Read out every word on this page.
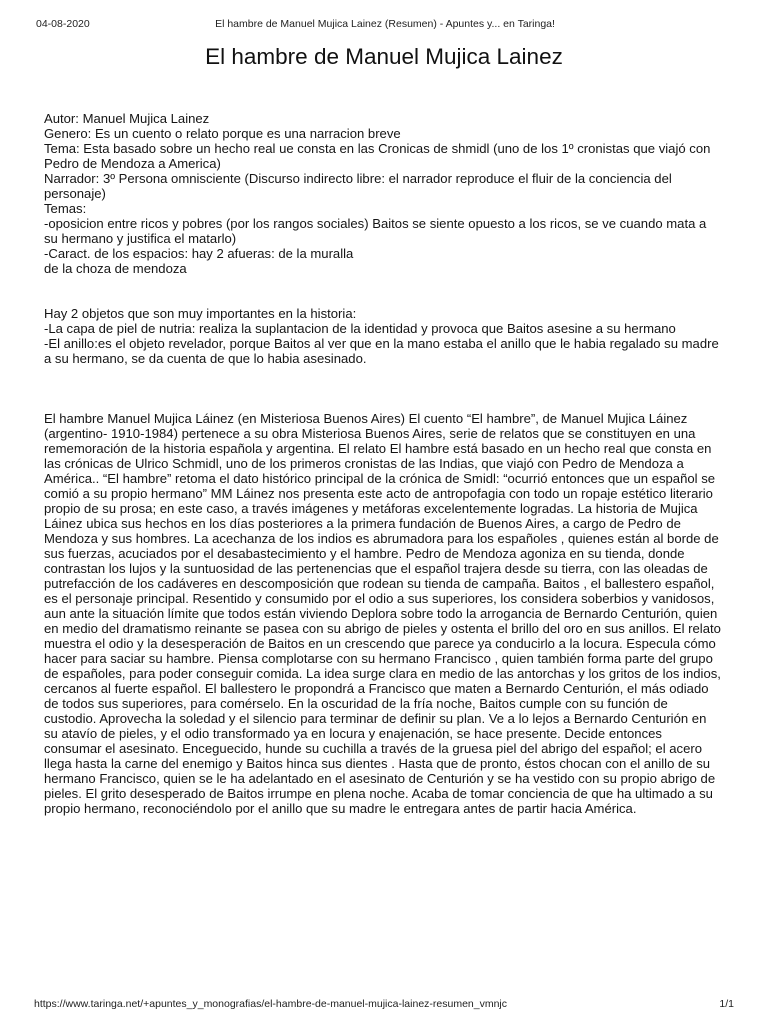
04-08-2020	El hambre de Manuel Mujica Lainez (Resumen) - Apuntes y... en Taringa!
El hambre de Manuel Mujica Lainez
Autor: Manuel Mujica Lainez
Genero: Es un cuento o relato porque es una narracion breve
Tema: Esta basado sobre un hecho real ue consta en las Cronicas de shmidl (uno de los 1º cronistas que viajó con
Pedro de Mendoza a America)
Narrador: 3º Persona omnisciente (Discurso indirecto libre: el narrador reproduce el fluir de la conciencia del
personaje)
Temas:
-oposicion entre ricos y pobres (por los rangos sociales) Baitos se siente opuesto a los ricos, se ve cuando mata a
su hermano y justifica el matarlo)
-Caract. de los espacios: hay 2 afueras: de la muralla
de la choza de mendoza
Hay 2 objetos que son muy importantes en la historia:
-La capa de piel de nutria: realiza la suplantacion de la identidad y provoca que Baitos asesine a su hermano
-El anillo:es el objeto revelador, porque Baitos al ver que en la mano estaba el anillo que le habia regalado su madre
a su hermano, se da cuenta de que lo habia asesinado.
El hambre Manuel Mujica Láinez (en Misteriosa Buenos Aires) El cuento “El hambre”, de Manuel Mujica Láinez
(argentino- 1910-1984) pertenece a su obra Misteriosa Buenos Aires, serie de relatos que se constituyen en una
rememoración de la historia española y argentina. El relato El hambre está basado en un hecho real que consta en
las crónicas de Ulrico Schmidl, uno de los primeros cronistas de las Indias, que viajó con Pedro de Mendoza a
América.. “El hambre” retoma el dato histórico principal de la crónica de Smidl: “ocurrió entonces que un español se
comió a su propio hermano” MM Láinez nos presenta este acto de antropofagia con todo un ropaje estético literario
propio de su prosa; en este caso, a través imágenes y metáforas excelentemente logradas. La historia de Mujica
Láinez ubica sus hechos en los días posteriores a la primera fundación de Buenos Aires, a cargo de Pedro de
Mendoza y sus hombres. La acechanza de los indios es abrumadora para los españoles , quienes están al borde de
sus fuerzas, acuciados por el desabastecimiento y el hambre. Pedro de Mendoza agoniza en su tienda, donde
contrastan los lujos y la suntuosidad de las pertenencias que el español trajera desde su tierra, con las oleadas de
putrefacción de los cadáveres en descomposición que rodean su tienda de campaña. Baitos , el ballestero español,
es el personaje principal. Resentido y consumido por el odio a sus superiores, los considera soberbios y vanidosos,
aun ante la situación límite que todos están viviendo Deplora sobre todo la arrogancia de Bernardo Centurión, quien
en medio del dramatismo reinante se pasea con su abrigo de pieles y ostenta el brillo del oro en sus anillos. El relato
muestra el odio y la desesperación de Baitos en un crescendo que parece ya conducirlo a la locura. Especula cómo
hacer para saciar su hambre. Piensa complotarse con su hermano Francisco , quien también forma parte del grupo
de españoles, para poder conseguir comida. La idea surge clara en medio de las antorchas y los gritos de los indios,
cercanos al fuerte español. El ballestero le propondrá a Francisco que maten a Bernardo Centurión, el más odiado
de todos sus superiores, para comérselo. En la oscuridad de la fría noche, Baitos cumple con su función de
custodio. Aprovecha la soledad y el silencio para terminar de definir su plan. Ve a lo lejos a Bernardo Centurión en
su atavío de pieles, y el odio transformado ya en locura y enajenación, se hace presente. Decide entonces
consumar el asesinato. Enceguecido, hunde su cuchilla a través de la gruesa piel del abrigo del español; el acero
llega hasta la carne del enemigo y Baitos hinca sus dientes . Hasta que de pronto, éstos chocan con el anillo de su
hermano Francisco, quien se le ha adelantado en el asesinato de Centurión y se ha vestido con su propio abrigo de
pieles. El grito desesperado de Baitos irrumpe en plena noche. Acaba de tomar conciencia de que ha ultimado a su
propio hermano, reconociéndolo por el anillo que su madre le entregara antes de partir hacia América.
https://www.taringa.net/+apuntes_y_monografias/el-hambre-de-manuel-mujica-lainez-resumen_vmnjc	1/1
